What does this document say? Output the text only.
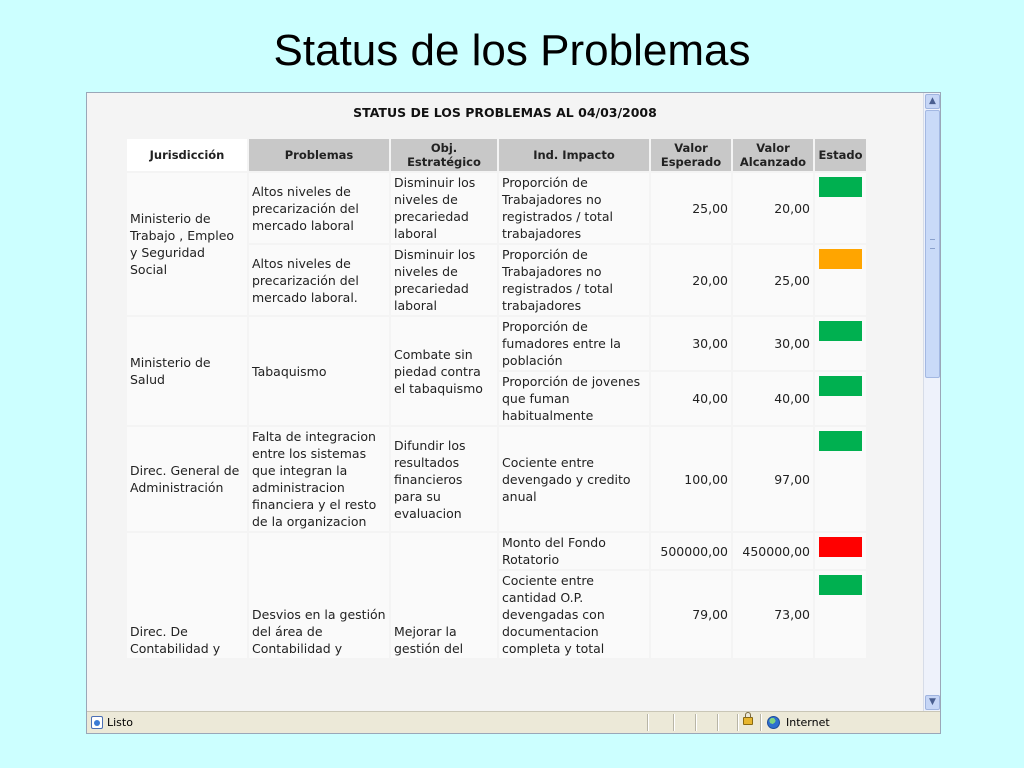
Status de los Problemas
STATUS DE LOS PROBLEMAS AL 04/03/2008
Jurisdicción	Problemas	Obj. Estratégico	Ind. Impacto	Valor Esperado	Valor Alcanzado	Estado
Ministerio de Trabajo , Empleo y Seguridad Social	Altos niveles de precarización del mercado laboral	Disminuir los niveles de precariedad laboral	Proporción de Trabajadores no registrados / total trabajadores	25,00	20,00	

	Altos niveles de precarización del mercado laboral.	Disminuir los niveles de precariedad laboral	Proporción de Trabajadores no registrados / total trabajadores	20,00	25,00	

Ministerio de Salud	Tabaquismo	Combate sin piedad contra el tabaquismo	Proporción de fumadores entre la población	30,00	30,00	

			Proporción de jovenes que fuman habitualmente	40,00	40,00	

Direc. General de Administración	Falta de integracion entre los sistemas que integran la administracion financiera y el resto de la organizacion	Difundir los resultados financieros para su evaluacion	Cociente entre devengado y credito anual	100,00	97,00	

Direc. De Contabilidad y	Desvios en la gestión del área de Contabilidad y	Mejorar la gestión del	Monto del Fondo Rotatorio	500000,00	450000,00	

			Cociente entre cantidad O.P. devengadas con documentacion completa y total	79,00	73,00	
▲
▼
Listo	Internet
